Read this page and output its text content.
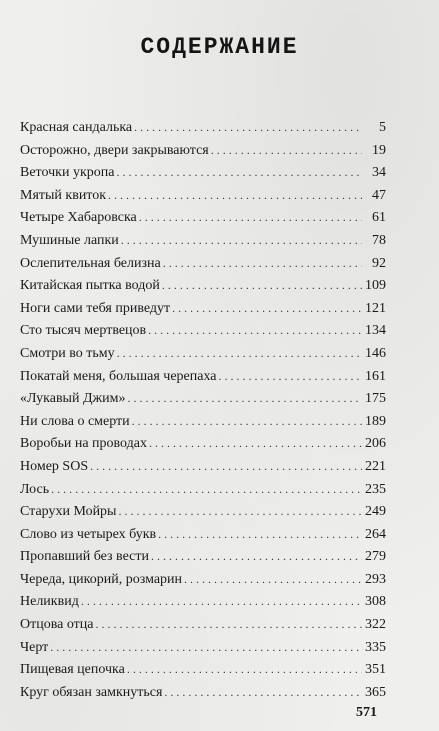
СОДЕРЖАНИЕ
Красная сандалька . . .	5
Осторожно, двери закрываются . . .	19
Веточки укропа . . .	34
Мятый квиток . . .	47
Четыре Хабаровска . . .	61
Мушиные лапки . . .	78
Ослепительная белизна . . .	92
Китайская пытка водой . . .	109
Ноги сами тебя приведут . . .	121
Сто тысяч мертвецов . . .	134
Смотри во тьму . . .	146
Покатай меня, большая черепаха . . .	161
«Лукавый Джим» . . .	175
Ни слова о смерти . . .	189
Воробьи на проводах . . .	206
Номер SOS . . .	221
Лось . . .	235
Старухи Мойры . . .	249
Слово из четырех букв . . .	264
Пропавший без вести . . .	279
Череда, цикорий, розмарин . . .	293
Неликвид . . .	308
Отцова отца . . .	322
Черт . . .	335
Пищевая цепочка . . .	351
Круг обязан замкнуться . . .	365
571
